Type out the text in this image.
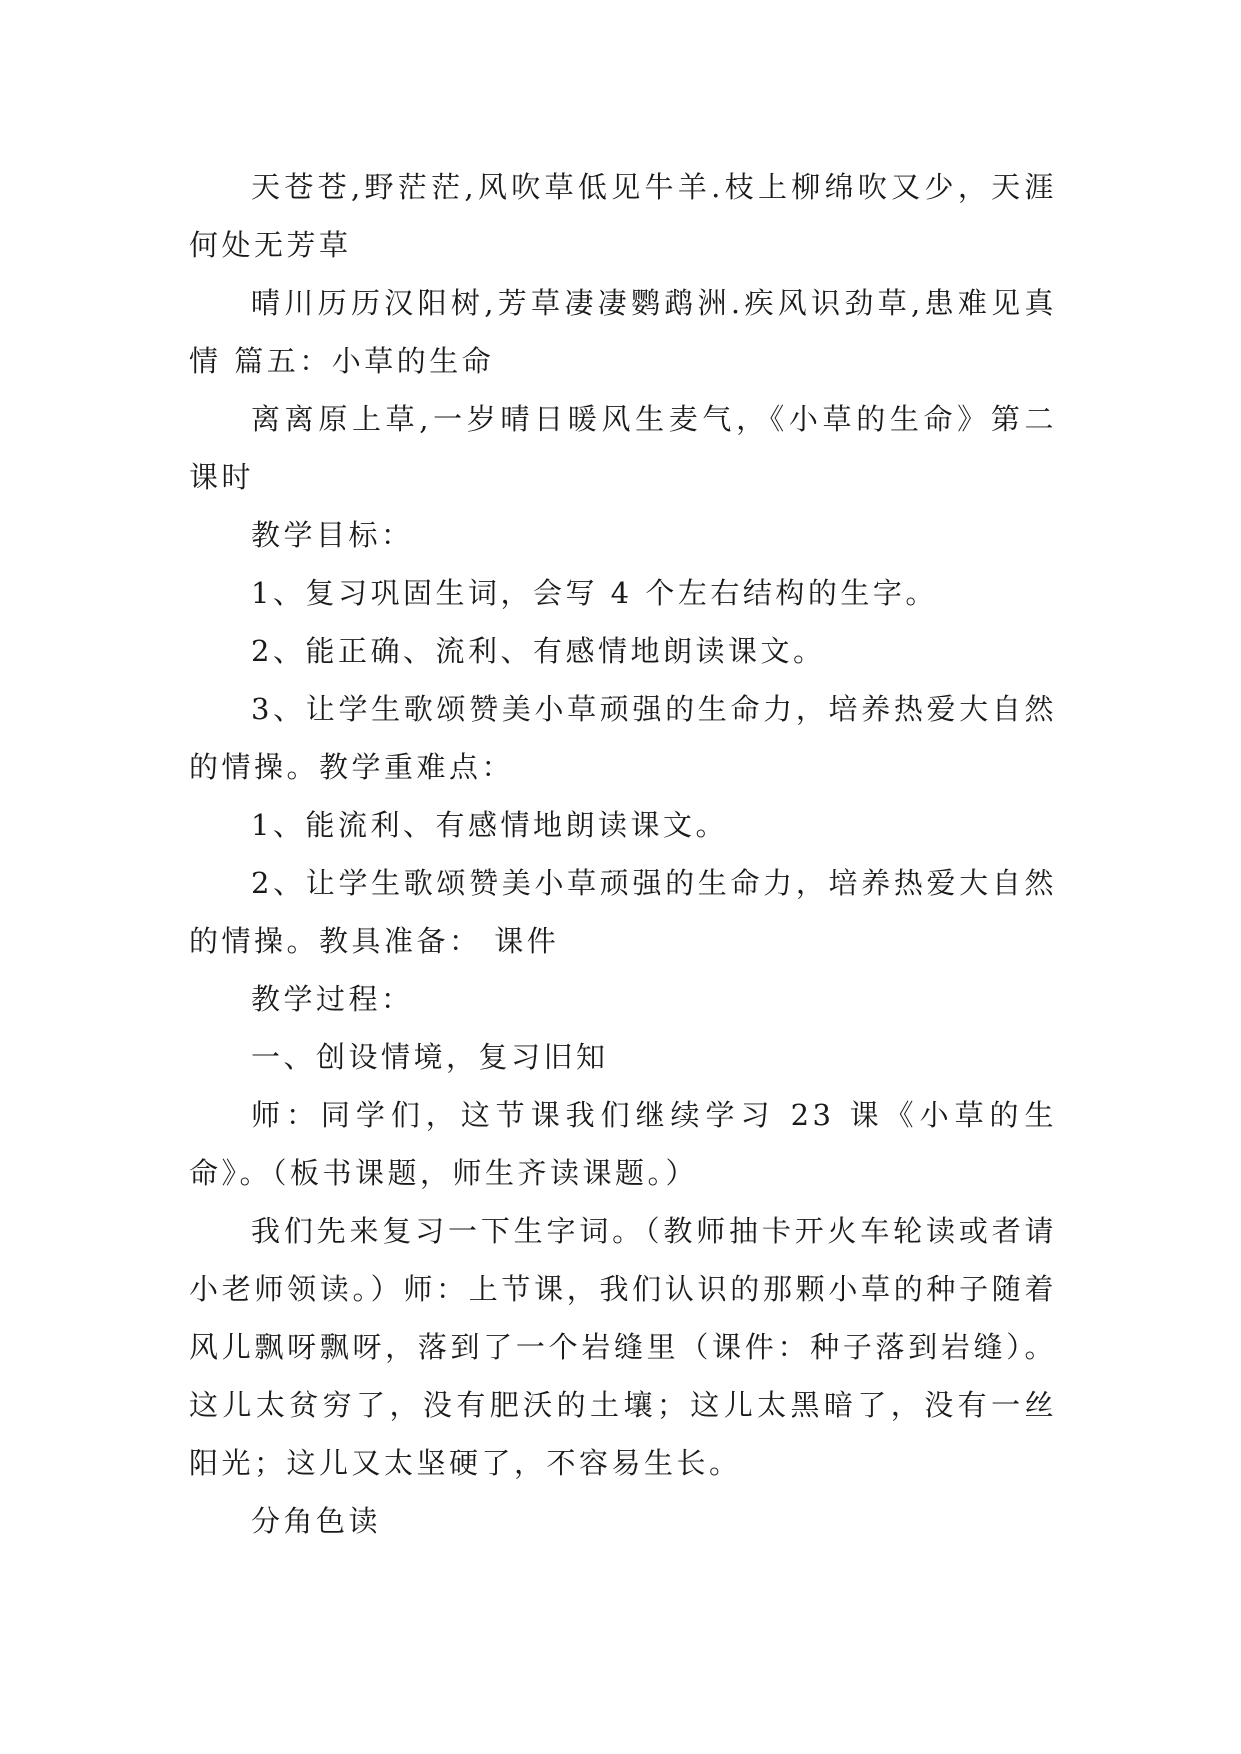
天苍苍,野茫茫,风吹草低见牛羊.枝上柳绵吹又少，天涯何处无芳草

晴川历历汉阳树,芳草凄凄鹦鹉洲.疾风识劲草,患难见真情 篇五：小草的生命

离离原上草,一岁晴日暖风生麦气，《小草的生命》第二课时

教学目标：

1、复习巩固生词，会写 4 个左右结构的生字。

2、能正确、流利、有感情地朗读课文。

3、让学生歌颂赞美小草顽强的生命力，培养热爱大自然的情操。教学重难点：

1、能流利、有感情地朗读课文。

2、让学生歌颂赞美小草顽强的生命力，培养热爱大自然的情操。教具准备： 课件

教学过程：

一、创设情境，复习旧知

师：同学们，这节课我们继续学习 23 课《小草的生命》。（板书课题，师生齐读课题。）

我们先来复习一下生字词。（教师抽卡开火车轮读或者请小老师领读。）师：上节课，我们认识的那颗小草的种子随着风儿飘呀飘呀，落到了一个岩缝里（课件：种子落到岩缝）。这儿太贫穷了，没有肥沃的土壤；这儿太黑暗了，没有一丝阳光；这儿又太坚硬了，不容易生长。

分角色读
